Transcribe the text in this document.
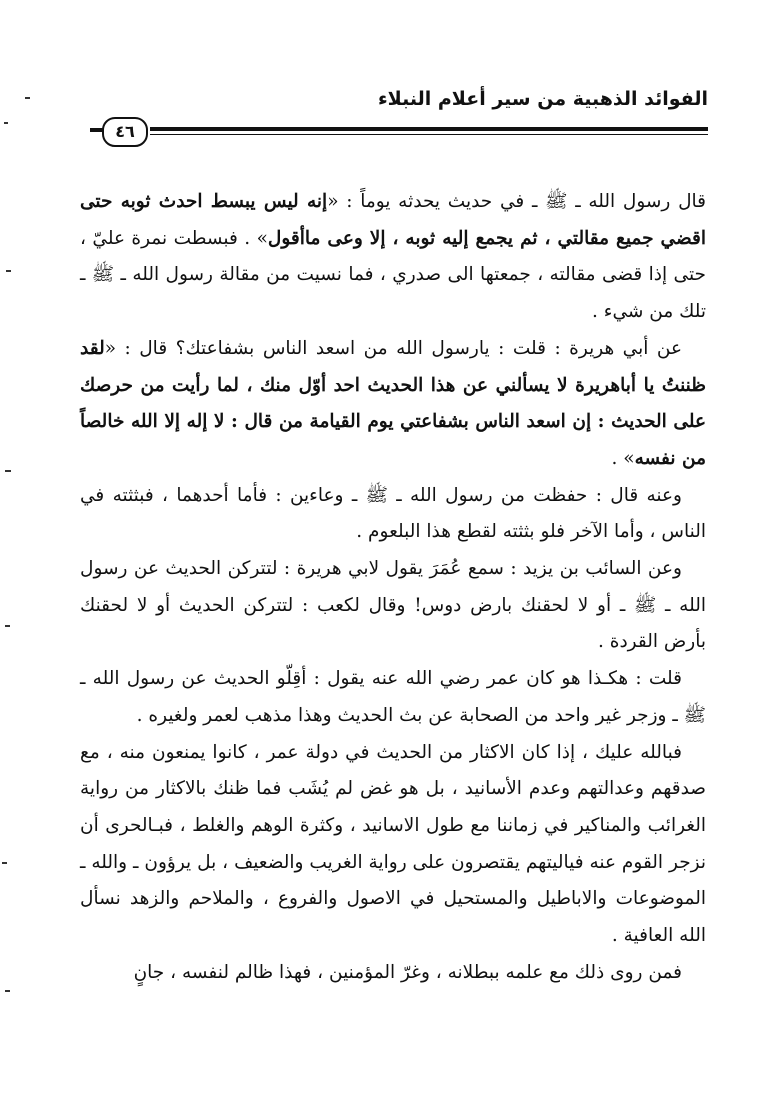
الفوائد الذهبية من سير أعلام النبلاء
٤٦

قال رسول الله ـ ﷺ ـ في حديث يحدثه يوماً : «إنه ليس يبسط احدث ثوبه حتى اقضي جميع مقالتي ، ثم يجمع إليه ثوبه ، إلا وعى ماأقول» . فبسطت نمرة عليّ ، حتى إذا قضى مقالته ، جمعتها الى صدري ، فما نسيت من مقالة رسول الله ـ ﷺ ـ تلك من شيء .

عن أبي هريرة : قلت : يارسول الله من اسعد الناس بشفاعتك؟ قال : «لقد ظننتُ يا أباهريرة لا يسألني عن هذا الحديث احد أوّل منك ، لما رأيت من حرصك على الحديث : إن اسعد الناس بشفاعتي يوم القيامة من قال : لا إله إلا الله خالصاً من نفسه» .

وعنه قال : حفظت من رسول الله ـ ﷺ ـ وعاءين : فأما أحدهما ، فبثثته في الناس ، وأما الآخر فلو بثثته لقطع هذا البلعوم .

وعن السائب بن يزيد : سمع عُمَرَ يقول لابي هريرة : لتتركن الحديث عن رسول الله ـ ﷺ ـ أو لا لحقنك بارض دوس! وقال لكعب : لتتركن الحديث أو لا لحقنك بأرض القردة .

قلت : هكـذا هو كان عمر رضي الله عنه يقول : أقِلّو الحديث عن رسول الله ـ ﷺ ـ وزجر غير واحد من الصحابة عن بث الحديث وهذا مذهب لعمر ولغيره .

فبالله عليك ، إذا كان الاكثار من الحديث في دولة عمر ، كانوا يمنعون منه ، مع صدقهم وعدالتهم وعدم الأسانيد ، بل هو غض لم يُشَب فما ظنك بالاكثار من رواية الغرائب والمناكير في زماننا مع طول الاسانيد ، وكثرة الوهم والغلط ، فبـالحرى أن نزجر القوم عنه فياليتهم يقتصرون على رواية الغريب والضعيف ، بل يرؤون ـ والله ـ الموضوعات والاباطيل والمستحيل في الاصول والفروع ، والملاحم والزهد نسأل الله العافية .

فمن روى ذلك مع علمه ببطلانه ، وغرّ المؤمنين ، فهذا ظالم لنفسه ، جانٍ
